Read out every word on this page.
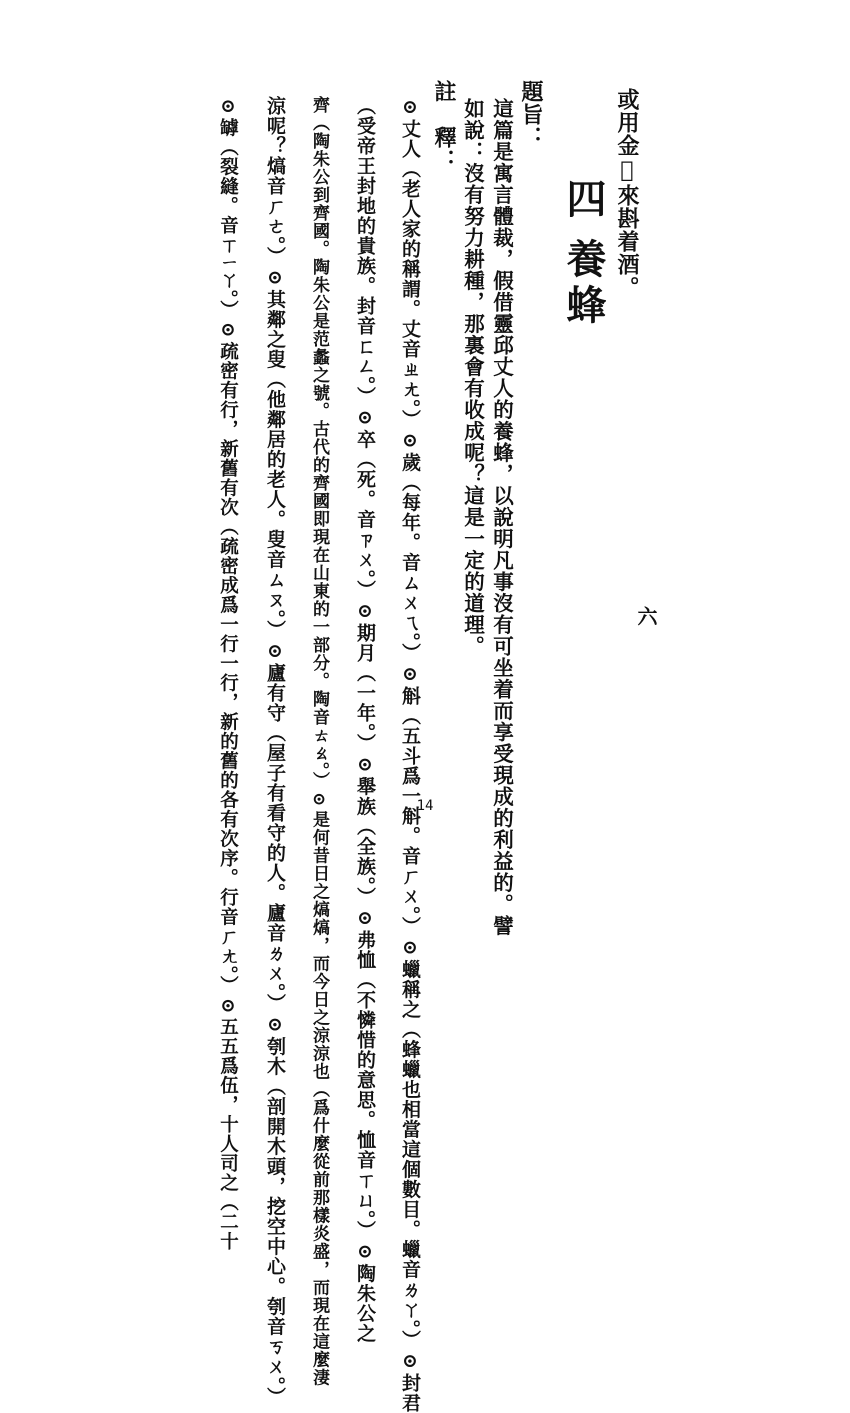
或用金𨤲來斟着酒。

四

養蜂

六

題旨：

這篇是寓言體裁，假借靈邱丈人的養蜂，以說明凡事沒有可坐着而享受現成的利益的。譬

如說：沒有努力耕種，那裏會有收成呢？這是一定的道理。

註　釋：

⊙丈人（老人家的稱謂。丈音ㄓㄤ。）⊙歲（每年。音ㄙㄨㄟ。）⊙斛（五斗爲一斛。音ㄏㄨ。）⊙蠟稱之（蜂蠟也相當這個數目。蠟音ㄌㄚ。）⊙封君

（受帝王封地的貴族。封音ㄈㄥ。）⊙卒（死。音ㄗㄨ。）⊙期月（一年。）⊙舉族（全族。）⊙弗恤（不憐惜的意思。恤音ㄒㄩ。）⊙陶朱公之

齊（陶朱公到齊國。陶朱公是范蠡之號。古代的齊國即現在山東的一部分。陶音ㄊㄠ。）⊙是何昔日之熇熇，而今日之涼涼也（爲什麼從前那樣炎盛，而現在這麼淒

涼呢？熇音ㄏㄜ。）⊙其鄰之叟（他鄰居的老人。叟音ㄙㄡ。）⊙廬有守（屋子有看守的人。廬音ㄌㄨ。）⊙刳木（剖開木頭，挖空中心。刳音ㄎㄨ。）

⊙罅（裂縫。音ㄒㄧㄚ。）⊙疏密有行，新舊有次（疏密成爲一行一行，新的舊的各有次序。行音ㄏㄤ。）⊙五五爲伍，十人司之（二十	14
